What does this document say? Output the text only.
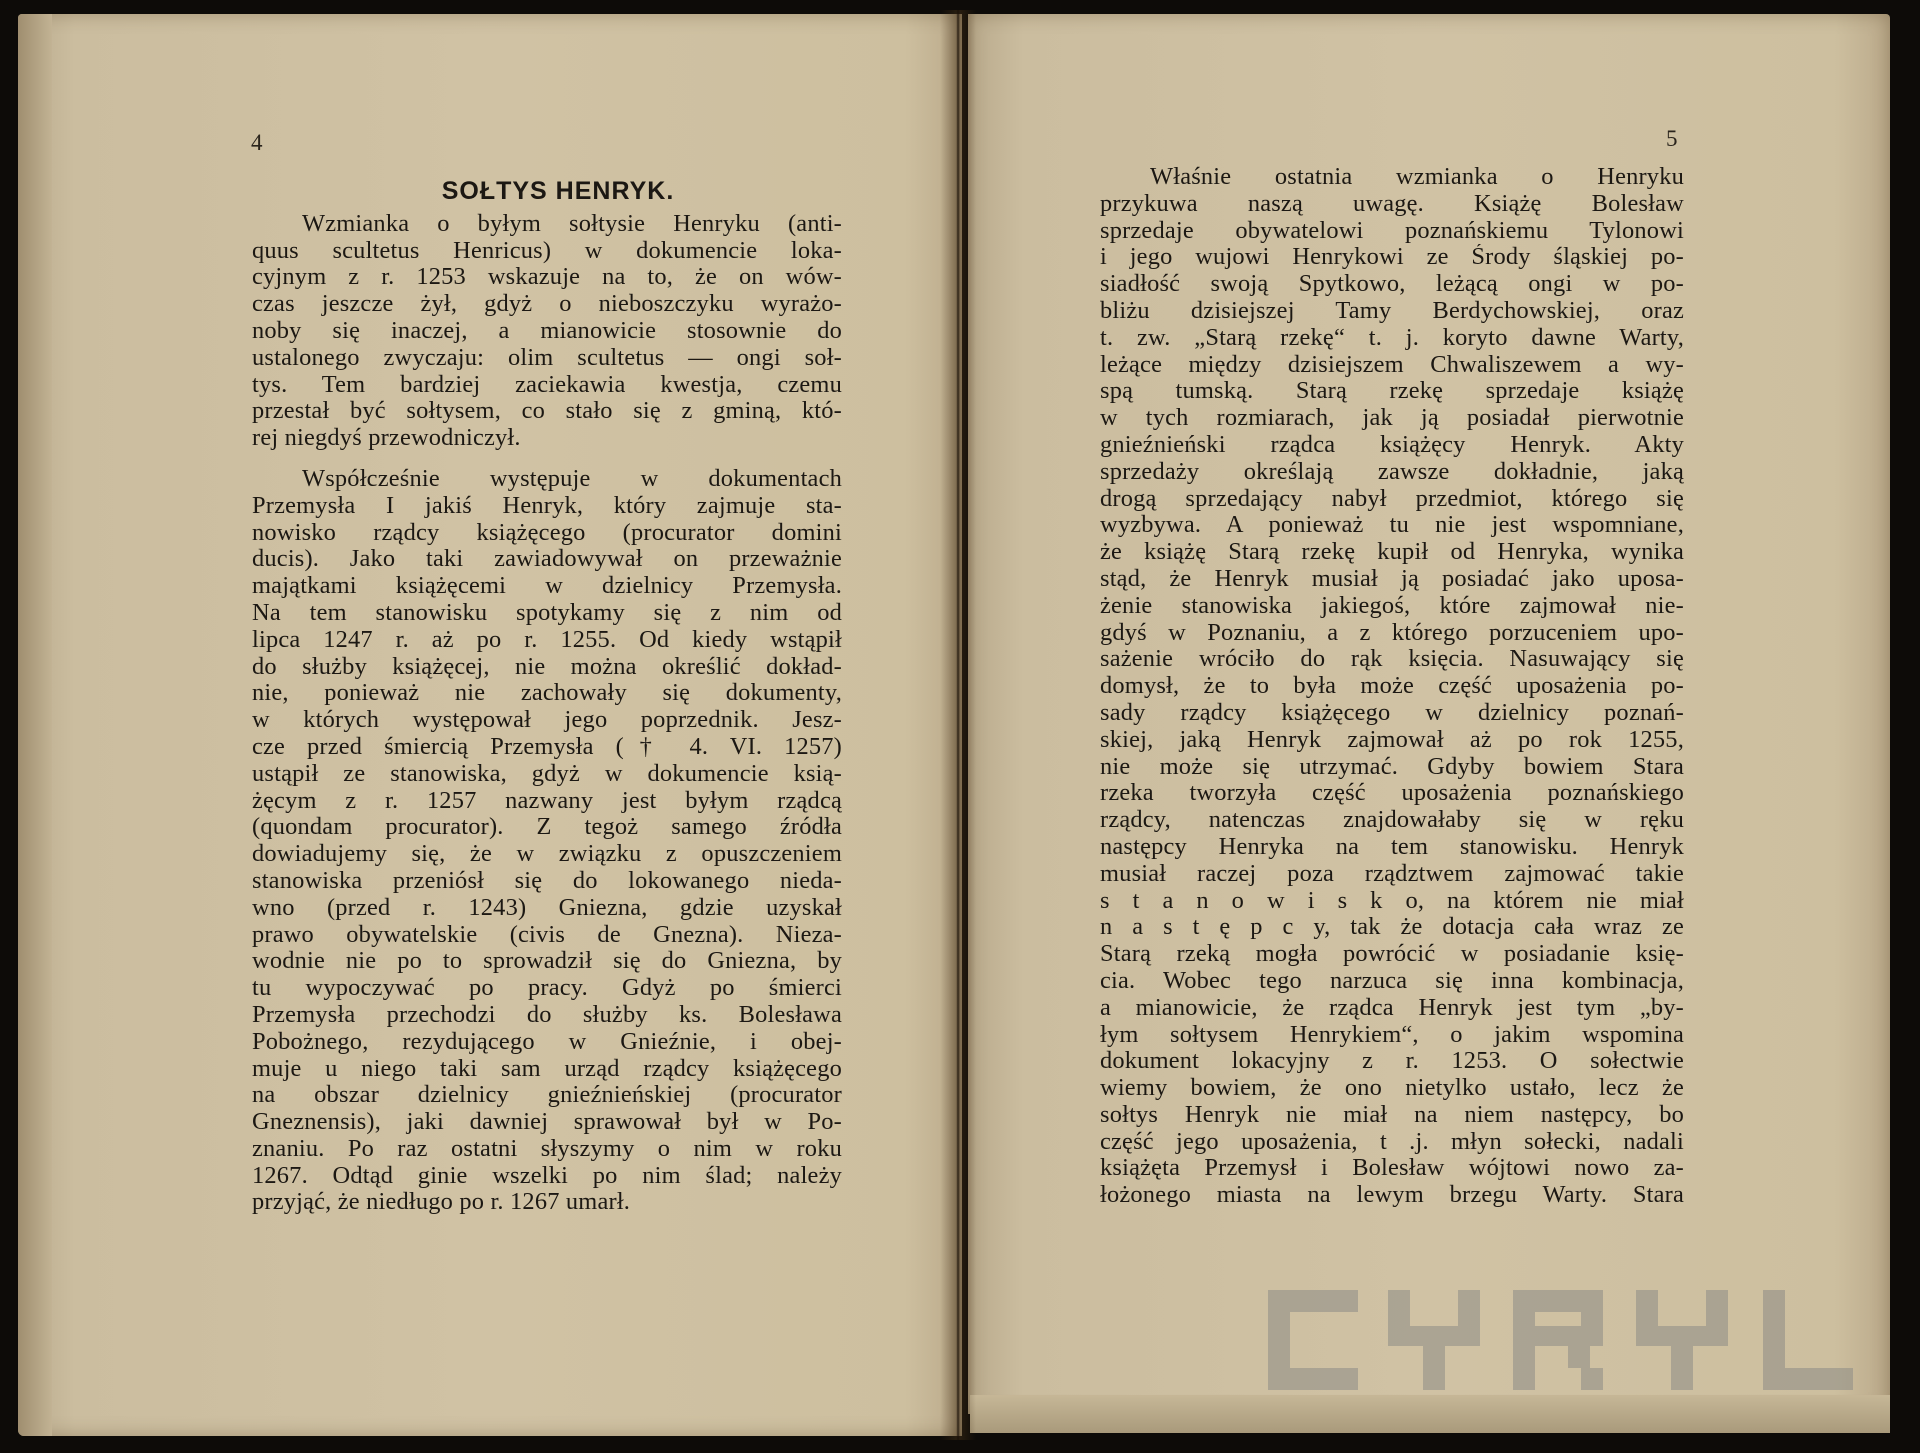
4	5
SOŁTYS HENRYK.
Wzmianka o byłym sołtysie Henryku (anti-
quus scultetus Henricus) w dokumencie loka-
cyjnym z r. 1253 wskazuje na to, że on wów-
czas jeszcze żył, gdyż o nieboszczyku wyrażo-
noby się inaczej, a mianowicie stosownie do
ustalonego zwyczaju: olim scultetus — ongi soł-
tys. Tem bardziej zaciekawia kwestja, czemu
przestał być sołtysem, co stało się z gminą, któ-
rej niegdyś przewodniczył.
Współcześnie występuje w dokumentach
Przemysła I jakiś Henryk, który zajmuje sta-
nowisko rządcy książęcego (procurator domini
ducis). Jako taki zawiadowywał on przeważnie
majątkami książęcemi w dzielnicy Przemysła.
Na tem stanowisku spotykamy się z nim od
lipca 1247 r. aż po r. 1255. Od kiedy wstąpił
do służby książęcej, nie można określić dokład-
nie, ponieważ nie zachowały się dokumenty,
w których występował jego poprzednik. Jesz-
cze przed śmiercią Przemysła († 4. VI. 1257)
ustąpił ze stanowiska, gdyż w dokumencie ksią-
żęcym z r. 1257 nazwany jest byłym rządcą
(quondam procurator). Z tegoż samego źródła
dowiadujemy się, że w związku z opuszczeniem
stanowiska przeniósł się do lokowanego nieda-
wno (przed r. 1243) Gniezna, gdzie uzyskał
prawo obywatelskie (civis de Gnezna). Nieza-
wodnie nie po to sprowadził się do Gniezna, by
tu wypoczywać po pracy. Gdyż po śmierci
Przemysła przechodzi do służby ks. Bolesława
Pobożnego, rezydującego w Gnieźnie, i obej-
muje u niego taki sam urząd rządcy książęcego
na obszar dzielnicy gnieźnieńskiej (procurator
Gneznensis), jaki dawniej sprawował był w Po-
znaniu. Po raz ostatni słyszymy o nim w roku
1267. Odtąd ginie wszelki po nim ślad; należy
przyjąć, że niedługo po r. 1267 umarł.
Właśnie ostatnia wzmianka o Henryku
przykuwa naszą uwagę. Książę Bolesław
sprzedaje obywatelowi poznańskiemu Tylonowi
i jego wujowi Henrykowi ze Środy śląskiej po-
siadłość swoją Spytkowo, leżącą ongi w po-
bliżu dzisiejszej Tamy Berdychowskiej, oraz
t. zw. „Starą rzekę“ t. j. koryto dawne Warty,
leżące między dzisiejszem Chwaliszewem a wy-
spą tumską. Starą rzekę sprzedaje książę
w tych rozmiarach, jak ją posiadał pierwotnie
gnieźnieński rządca książęcy Henryk. Akty
sprzedaży określają zawsze dokładnie, jaką
drogą sprzedający nabył przedmiot, którego się
wyzbywa. A ponieważ tu nie jest wspomniane,
że książę Starą rzekę kupił od Henryka, wynika
stąd, że Henryk musiał ją posiadać jako uposa-
żenie stanowiska jakiegoś, które zajmował nie-
gdyś w Poznaniu, a z którego porzuceniem upo-
sażenie wróciło do rąk księcia. Nasuwający się
domysł, że to była może część uposażenia po-
sady rządcy książęcego w dzielnicy poznań-
skiej, jaką Henryk zajmował aż po rok 1255,
nie może się utrzymać. Gdyby bowiem Stara
rzeka tworzyła część uposażenia poznańskiego
rządcy, natenczas znajdowałaby się w ręku
następcy Henryka na tem stanowisku. Henryk
musiał raczej poza rządztwem zajmować takie
s t a n o w i s k o, na którem nie miał
n a s t ę p c y, tak że dotacja cała wraz ze
Starą rzeką mogła powrócić w posiadanie księ-
cia. Wobec tego narzuca się inna kombinacja,
a mianowicie, że rządca Henryk jest tym „by-
łym sołtysem Henrykiem“, o jakim wspomina
dokument lokacyjny z r. 1253. O sołectwie
wiemy bowiem, że ono nietylko ustało, lecz że
sołtys Henryk nie miał na niem następcy, bo
część jego uposażenia, t .j. młyn sołecki, nadali
książęta Przemysł i Bolesław wójtowi nowo za-
łożonego miasta na lewym brzegu Warty. Stara
